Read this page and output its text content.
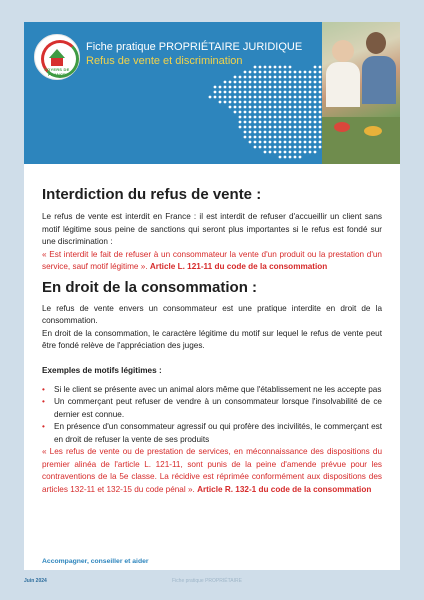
FOYERS DE FRANCE
Fiche pratique PROPRIÉTAIRE JURIDIQUE
Refus de vente et discrimination
Interdiction du refus de vente :

Le refus de vente est interdit en France : il est interdit de refuser d'accueillir un client sans motif légitime sous peine de sanctions qui seront plus importantes si le refus est fondé sur une discrimination :

« Est interdit le fait de refuser à un consommateur la vente d'un produit ou la prestation d'un service, sauf motif légitime ». Article L. 121-11 du code de la consommation

En droit de la consommation :

Le refus de vente envers un consommateur est une pratique interdite en droit de la consommation.

En droit de la consommation, le caractère légitime du motif sur lequel le refus de vente peut être fondé relève de l'appréciation des juges.

Exemples de motifs légitimes :
• Si le client se présente avec un animal alors même que l'établissement ne les accepte pas
• Un commerçant peut refuser de vendre à un consommateur lorsque l'insolvabilité de ce dernier est connue.
• En présence d'un consommateur agressif ou qui profère des incivilités, le commerçant est en droit de refuser la vente de ses produits

« Les refus de vente ou de prestation de services, en méconnaissance des dispositions du premier alinéa de l'article L. 121-11, sont punis de la peine d'amende prévue pour les contraventions de la 5e classe. La récidive est réprimée conformément aux dispositions des articles 132-11 et 132-15 du code pénal ». Article R. 132-1 du code de la consommation

Accompagner, conseiller et aider
Juin 2024	Fiche pratique PROPRIÉTAIRE
